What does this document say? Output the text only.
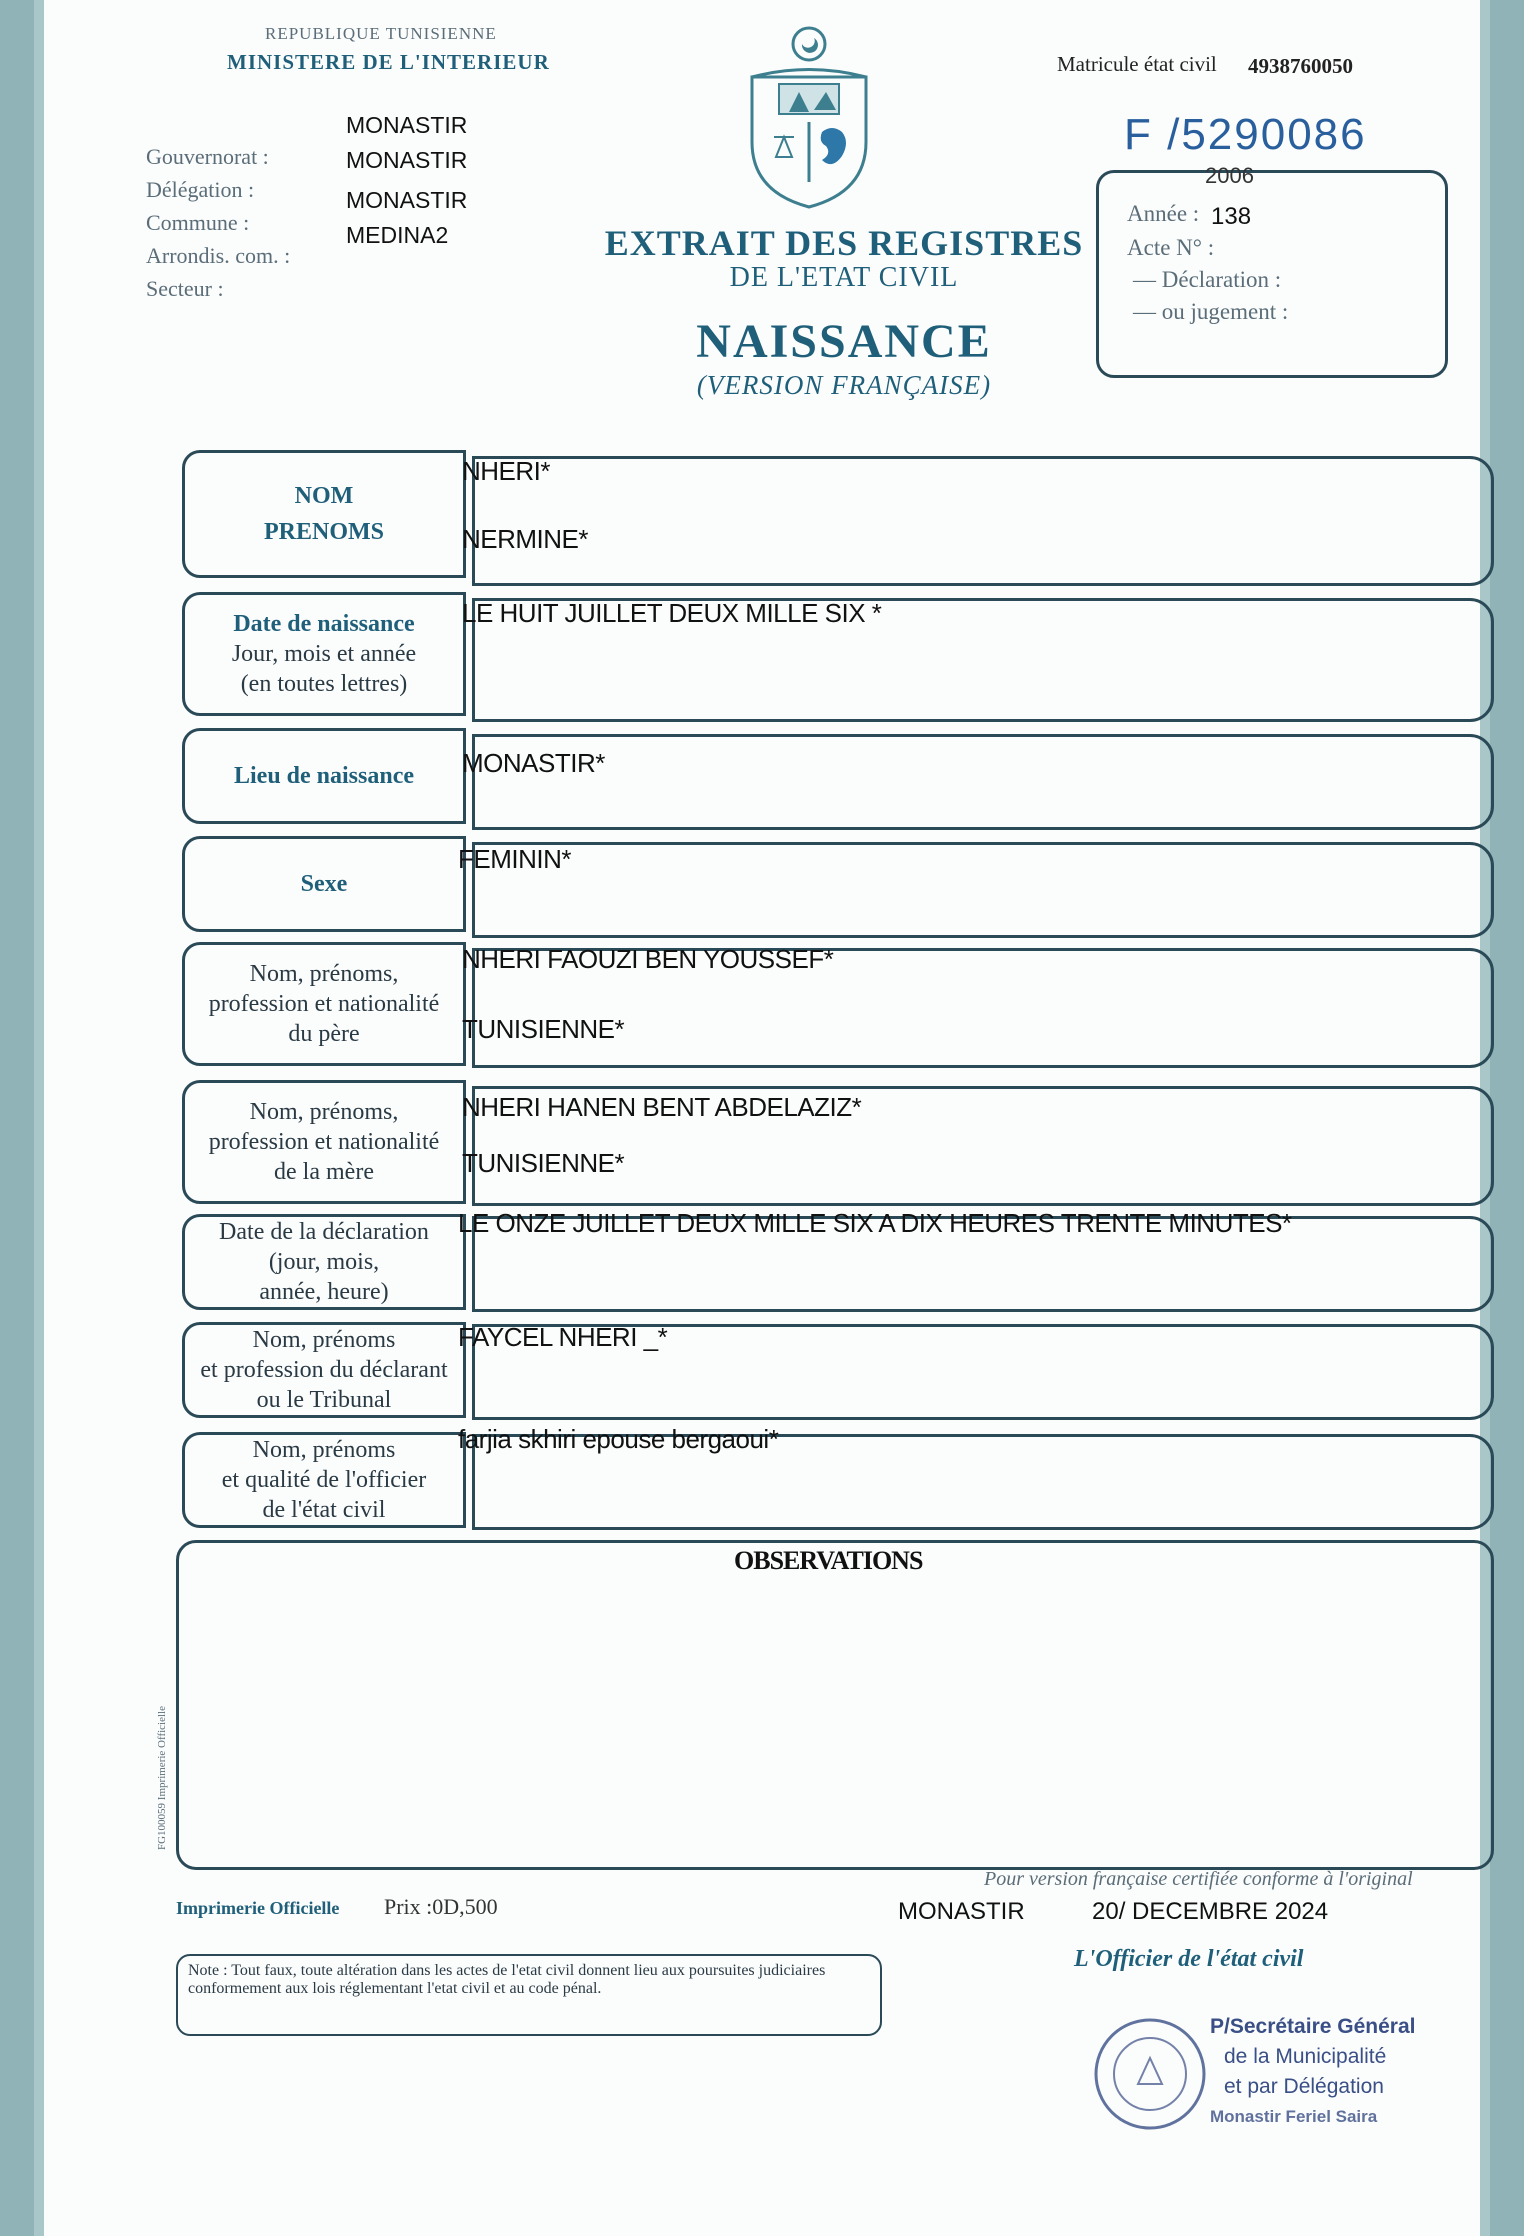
REPUBLIQUE TUNISIENNE
MINISTERE DE L'INTERIEUR
Gouvernorat :
Délégation :
Commune :
Arrondis. com. :
Secteur :
MONASTIR
MONASTIR
MONASTIR
MEDINA2
Matricule état civil 4938760050
F /5290086
2006
Année : 138
Acte N° :
— Déclaration :
— ou jugement :
EXTRAIT DES REGISTRES
DE L'ETAT CIVIL
NAISSANCE
(VERSION FRANÇAISE)
NOM
PRENOMS
NHERI*
NERMINE*
Date de naissance
Jour, mois et année
(en toutes lettres)
LE HUIT JUILLET DEUX MILLE SIX *
Lieu de naissance MONASTIR*
Sexe
FEMININ*
Nom, prénoms,
profession et nationalité
du père
NHERI FAOUZI BEN YOUSSEF*
TUNISIENNE*
Nom, prénoms,
profession et nationalité
de la mère
NHERI HANEN BENT ABDELAZIZ*
TUNISIENNE*
Date de la déclaration
(jour, mois,
année, heure)
LE ONZE JUILLET DEUX MILLE SIX A DIX HEURES TRENTE MINUTES*
Nom, prénoms
et profession du déclarant
ou le Tribunal
FAYCEL NHERI _*
Nom, prénoms
et qualité de l'officier
de l'état civil
farjia skhiri epouse bergaoui*
OBSERVATIONS
FG100059 Imprimerie Officielle
Pour version française certifiée conforme à l'original
Imprimerie Officielle Prix :0D,500	MONASTIR	20/ DECEMBRE 2024
Note : Tout faux, toute altération dans les actes de l'etat civil donnent lieu aux poursuites judiciaires conformement aux lois réglementant l'etat civil et au code pénal.
L'Officier de l'état civil
P/Secrétaire Général
de la Municipalité
et par Délégation
Monastir Feriel Saira
